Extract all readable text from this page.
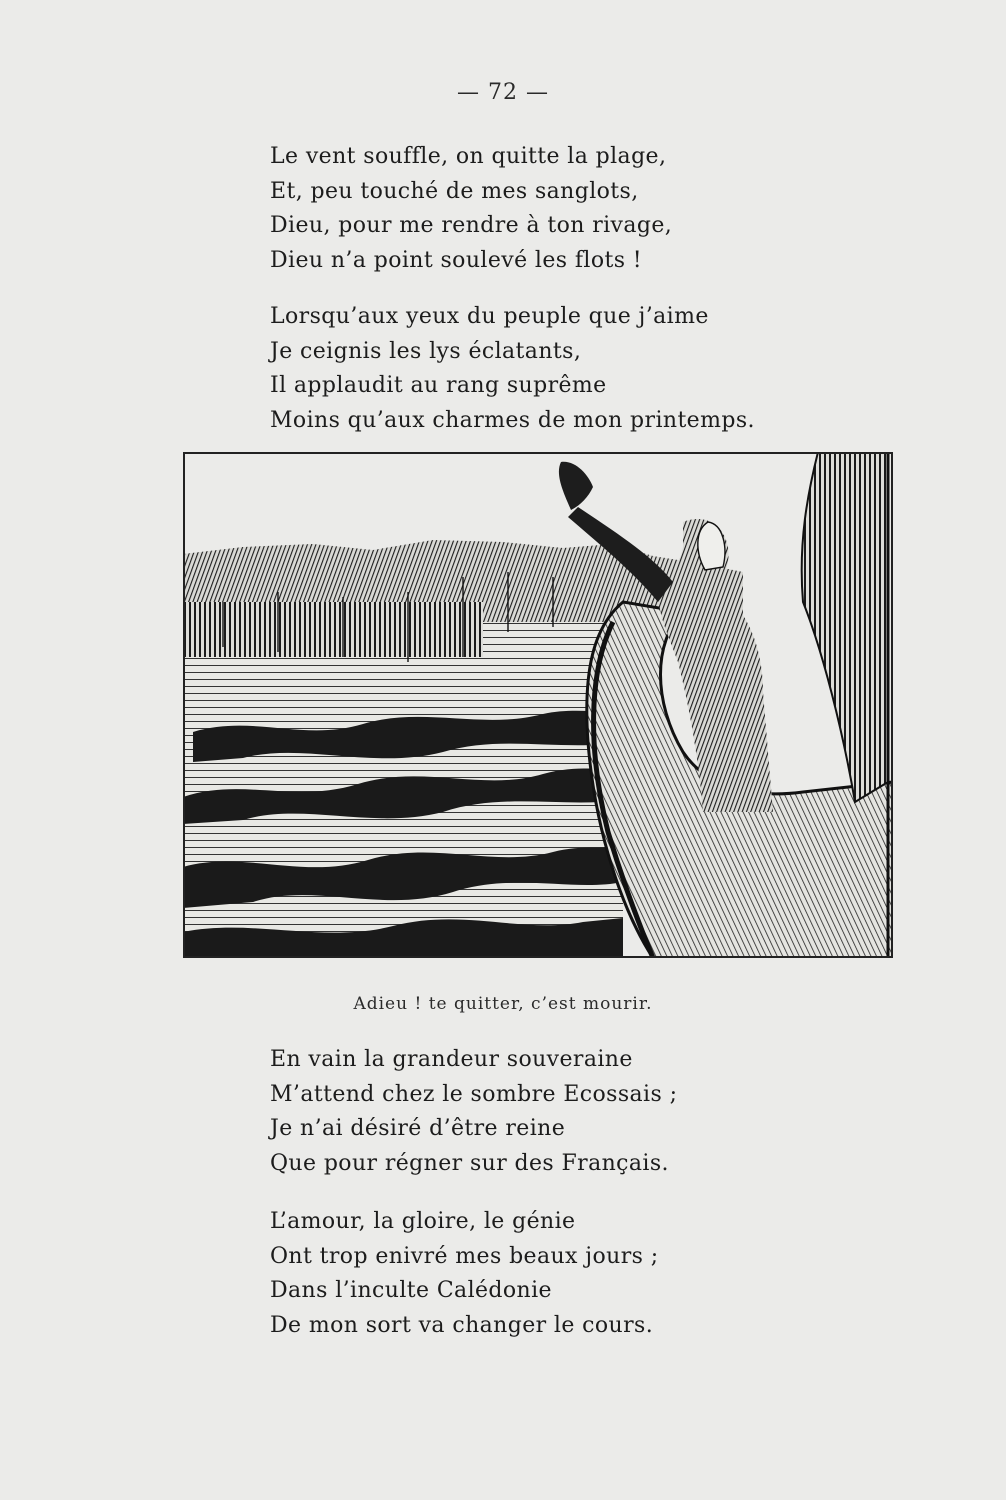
— 72 —
Le vent souffle, on quitte la plage,
Et, peu touché de mes sanglots,
Dieu, pour me rendre à ton rivage,
Dieu n’a point soulevé les flots !
Lorsqu’aux yeux du peuple que j’aime
Je ceignis les lys éclatants,
Il applaudit au rang suprême
Moins qu’aux charmes de mon printemps.
Adieu ! te quitter, c’est mourir.
En vain la grandeur souveraine
M’attend chez le sombre Ecossais ;
Je n’ai désiré d’être reine
Que pour régner sur des Français.
L’amour, la gloire, le génie
Ont trop enivré mes beaux jours ;
Dans l’inculte Calédonie
De mon sort va changer le cours.
